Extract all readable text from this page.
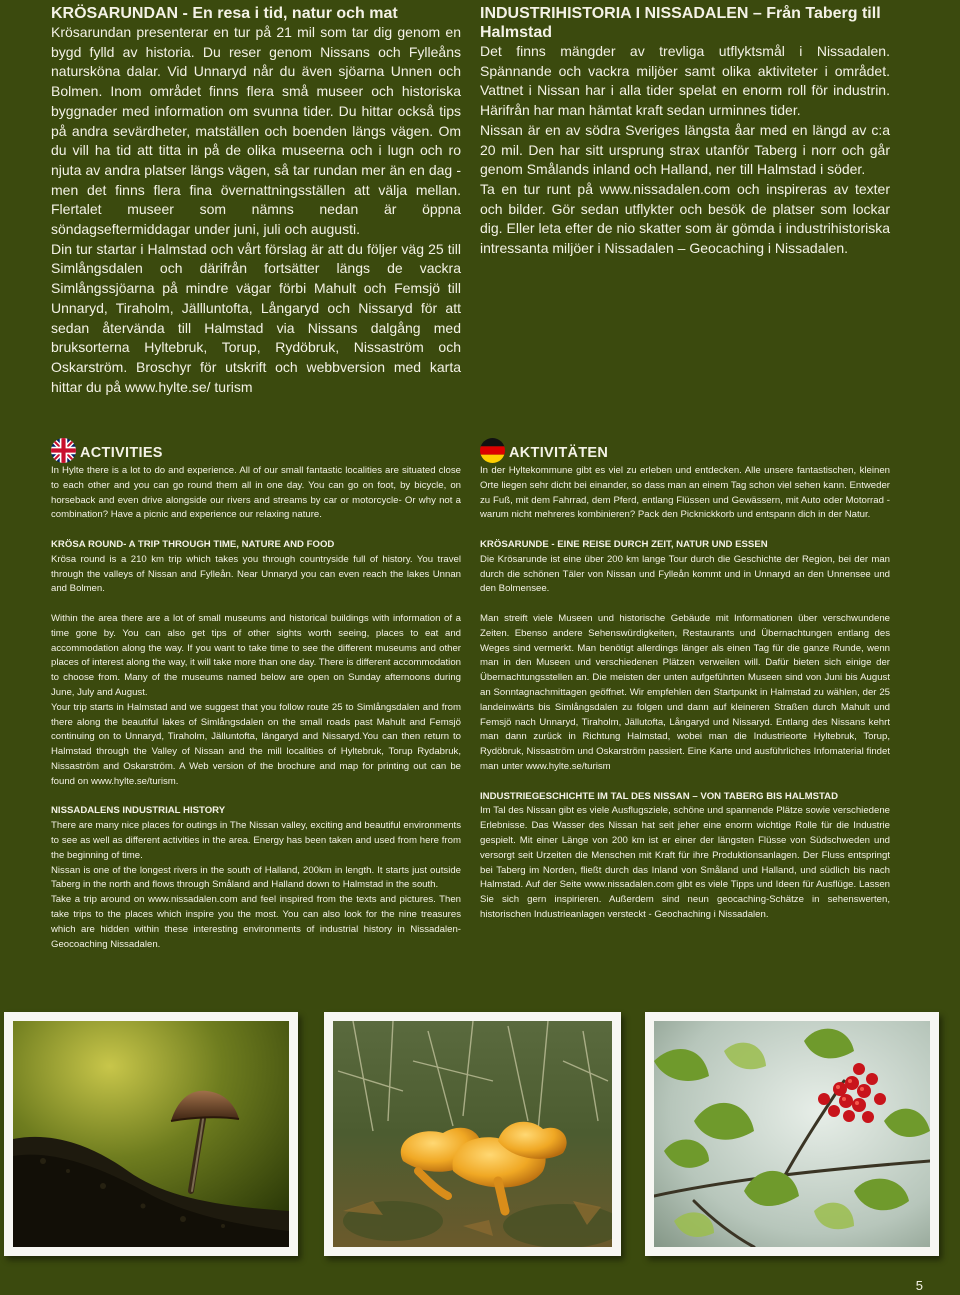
KRÖSARUNDAN - En resa i tid, natur och mat

Krösarundan presenterar en tur på 21 mil som tar dig genom en bygd fylld av historia. Du reser genom Nissans och Fylleåns natursköna dalar. Vid Unnaryd når du även sjöarna Unnen och Bolmen. Inom området finns flera små museer och historiska byggnader med information om svunna tider. Du hittar också tips på andra sevärdheter, matställen och boenden längs vägen. Om du vill ha tid att titta in på de olika museerna och i lugn och ro njuta av andra platser längs vägen, så tar rundan mer än en dag - men det finns flera fina övernattningsställen att välja mellan. Flertalet museer som nämns nedan är öppna söndagseftermiddagar under juni, juli och augusti.

Din tur startar i Halmstad och vårt förslag är att du följer väg 25 till Simlångsdalen och därifrån fortsätter längs de vackra Simlångssjöarna på mindre vägar förbi Mahult och Femsjö till Unnaryd, Tiraholm, Jällluntofta, Långaryd och Nissaryd för att sedan återvända till Halmstad via Nissans dalgång med bruksorterna Hyltebruk, Torup, Rydöbruk, Nissaström och Oskarström. Broschyr för utskrift och webbversion med karta hittar du på www.hylte.se/ turism

INDUSTRIHISTORIA I NISSADALEN – Från Taberg till Halmstad

Det finns mängder av trevliga utflyktsmål i Nissadalen. Spännande och vackra miljöer samt olika aktiviteter i området. Vattnet i Nissan har i alla tider spelat en enorm roll för industrin. Härifrån har man hämtat kraft sedan urminnes tider.

Nissan är en av södra Sveriges längsta åar med en längd av c:a 20 mil. Den har sitt ursprung strax utanför Taberg i norr och går genom Smålands inland och Halland, ner till Halmstad i söder.

Ta en tur runt på www.nissadalen.com och inspireras av texter och bilder. Gör sedan utflykter och besök de platser som lockar dig. Eller leta efter de nio skatter som är gömda i industrihistoriska intressanta miljöer i Nissadalen – Geocaching i Nissadalen.

ACTIVITIES

In Hylte there is a lot to do and experience. All of our small fantastic localities are situated close to each other and you can go round them all in one day. You can go on foot, by bicycle, on horseback and even drive alongside our rivers and streams by car or motorcycle- Or why not a combination? Have a picnic and experience our relaxing nature.

KRÖSA ROUND- A TRIP THROUGH TIME, NATURE AND FOOD

Krösa round is a 210 km trip which takes you through countryside full of history. You travel through the valleys of Nissan and Fylleån. Near Unnaryd you can even reach the lakes Unnan and Bolmen.

Within the area there are a lot of small museums and historical buildings with information of a time gone by. You can also get tips of other sights worth seeing, places to eat and accommodation along the way. If you want to take time to see the different museums and other places of interest along the way, it will take more than one day. There is different accommodation to choose from. Many of the museums named below are open on Sunday afternoons during June, July and August.

Your trip starts in Halmstad and we suggest that you follow route 25 to Simlångsdalen and from there along the beautiful lakes of Simlångsdalen on the small roads past Mahult and Femsjö continuing on to Unnaryd, Tiraholm, Jälluntofta, lângaryd and Nissaryd.You can then return to Halmstad through the Valley of Nissan and the mill localities of Hyltebruk, Torup Rydabruk, Nissaström and Oskarström. A Web version of the brochure and map for printing out can be found on www.hylte.se/turism.

NISSADALENS INDUSTRIAL HISTORY

There are many nice places for outings in The Nissan valley, exciting and beautiful environments to see as well as different activities in the area. Energy has been taken and used from here from the beginning of time.

Nissan is one of the longest rivers in the south of Halland, 200km in length. It starts just outside Taberg in the north and flows through Småland and Halland down to Halmstad in the south.

Take a trip around on www.nissadalen.com and feel inspired from the texts and pictures. Then take trips to the places which inspire you the most. You can also look for the nine treasures which are hidden within these interesting environments of industrial history in Nissadalen- Geocoaching Nissadalen.

AKTIVITÄTEN

In der Hyltekommune gibt es viel zu erleben und entdecken. Alle unsere fantastischen, kleinen Orte liegen sehr dicht bei einander, so dass man an einem Tag schon viel sehen kann. Entweder zu Fuß, mit dem Fahrrad, dem Pferd, entlang Flüssen und Gewässern, mit Auto oder Motorrad - warum nicht mehreres kombinieren? Pack den Picknickkorb und entspann dich in der Natur.

KRÖSARUNDE - EINE REISE DURCH ZEIT, NATUR UND ESSEN

Die Krösarunde ist eine über 200 km lange Tour durch die Geschichte der Region, bei der man durch die schönen Täler von Nissan und Fylleån kommt und in Unnaryd an den Unnensee und den Bolmensee.

Man streift viele Museen und historische Gebäude mit Informationen über verschwundene Zeiten. Ebenso andere Sehenswürdigkeiten, Restaurants und Übernachtungen entlang des Weges sind vermerkt. Man benötigt allerdings länger als einen Tag für die ganze Runde, wenn man in den Museen und verschiedenen Plätzen verweilen will. Dafür bieten sich einige der Übernachtungsstellen an. Die meisten der unten aufgeführten Museen sind von Juni bis August an Sonntagnachmittagen geöffnet. Wir empfehlen den Startpunkt in Halmstad zu wählen, der 25 landeinwärts bis Simlångsdalen zu folgen und dann auf kleineren Straßen durch Mahult und Femsjö nach Unnaryd, Tiraholm, Jällutofta, Långaryd und Nissaryd. Entlang des Nissans kehrt man dann zurück in Richtung Halmstad, wobei man die Industrieorte Hyltebruk, Torup, Rydöbruk, Nissaström und Oskarström passiert. Eine Karte und ausführliches Infomaterial findet man unter www.hylte.se/turism

INDUSTRIEGESCHICHTE IM TAL DES NISSAN – VON TABERG BIS HALMSTAD

Im Tal des Nissan gibt es viele Ausflugsziele, schöne und spannende Plätze sowie verschiedene Erlebnisse. Das Wasser des Nissan hat seit jeher eine enorm wichtige Rolle für die Industrie gespielt. Mit einer Länge von 200 km ist er einer der längsten Flüsse von Südschweden und versorgt seit Urzeiten die Menschen mit Kraft für ihre Produktionsanlagen. Der Fluss entspringt bei Taberg im Norden, fließt durch das Inland von Småland und Halland, und südlich bis nach Halmstad. Auf der Seite www.nissadalen.com gibt es viele Tipps und Ideen für Ausflüge. Lassen Sie sich gern inspirieren. Außerdem sind neun geocaching-Schätze in sehenswerten, historischen Industrieanlagen versteckt - Geochaching i Nissadalen.

5
